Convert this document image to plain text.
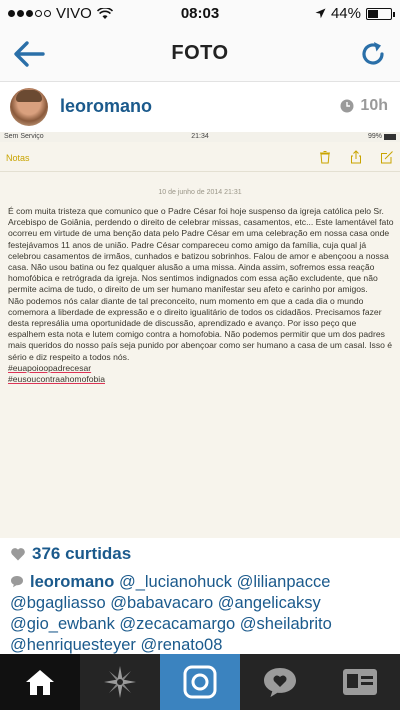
VIVO	08:03	44%
FOTO
leoromano	10h
Sem Serviço	21:34	99%
Notas
10 de junho de 2014 21:31

É com muita tristeza que comunico que o Padre César foi hoje suspenso da igreja católica pelo Sr. Arcebispo de Goiânia, perdendo o direito de celebrar missas, casamentos, etc... Este lamentável fato ocorreu em virtude de uma benção data pelo Padre César em uma celebração em nossa casa onde festejávamos 11 anos de união. Padre César compareceu como amigo da família, cuja qual já celebrou casamentos de irmãos, cunhados e batizou sobrinhos. Falou de amor e abençoou a nossa casa. Não usou batina ou fez qualquer alusão a uma missa. Ainda assim, sofremos essa reação homofóbica e retrógrada da igreja. Nos sentimos indignados com essa ação excludente, que não permite acima de tudo, o direito de um ser humano manifestar seu afeto e carinho por amigos.

Não podemos nós calar diante de tal preconceito, num momento em que a cada dia o mundo comemora a liberdade de expressão e o direito igualitário de todos os cidadãos. Precisamos fazer desta represália uma oportunidade de discussão, aprendizado e avanço. Por isso peço que espalhem esta nota e lutem comigo contra a homofobia. Não podemos permitir que um dos padres mais queridos do nosso país seja punido por abençoar como ser humano a casa de um casal. Isso é sério e diz respeito a todos nós.

#euapoioopadrecesar

#eusoucontraahomofobia

376 curtidas
leoromano @_lucianohuck @lilianpacce @bgagliasso @babavacaro @angelicaksy @gio_ewbank @zecacamargo @sheilabrito @henriquesteyer @renato08
